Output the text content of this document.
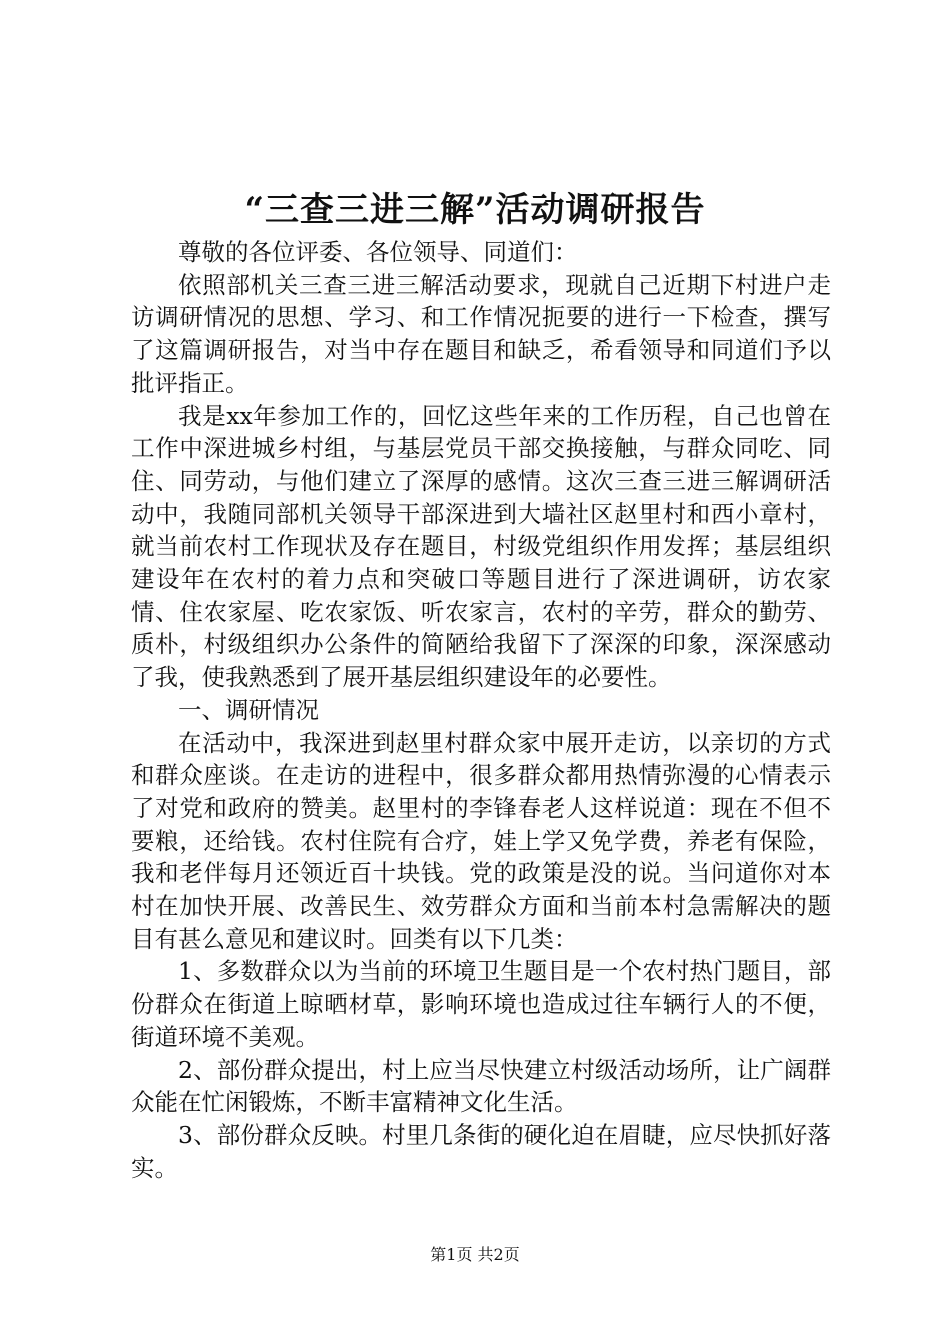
“三查三进三解”活动调研报告

尊敬的各位评委、各位领导、同道们：

依照部机关三查三进三解活动要求，现就自己近期下村进户走访调研情况的思想、学习、和工作情况扼要的进行一下检查，撰写了这篇调研报告，对当中存在题目和缺乏，希看领导和同道们予以批评指正。

我是xx年参加工作的，回忆这些年来的工作历程，自己也曾在工作中深进城乡村组，与基层党员干部交换接触，与群众同吃、同住、同劳动，与他们建立了深厚的感情。这次三查三进三解调研活动中，我随同部机关领导干部深进到大墙社区赵里村和西小章村，就当前农村工作现状及存在题目，村级党组织作用发挥；基层组织建设年在农村的着力点和突破口等题目进行了深进调研，访农家情、住农家屋、吃农家饭、听农家言，农村的辛劳，群众的勤劳、质朴，村级组织办公条件的简陋给我留下了深深的印象，深深感动了我，使我熟悉到了展开基层组织建设年的必要性。

一、调研情况

在活动中，我深进到赵里村群众家中展开走访，以亲切的方式和群众座谈。在走访的进程中，很多群众都用热情弥漫的心情表示了对党和政府的赞美。赵里村的李锋春老人这样说道：现在不但不要粮，还给钱。农村住院有合疗，娃上学又免学费，养老有保险，我和老伴每月还领近百十块钱。党的政策是没的说。当问道你对本村在加快开展、改善民生、效劳群众方面和当前本村急需解决的题目有甚么意见和建议时。回类有以下几类：

1、多数群众以为当前的环境卫生题目是一个农村热门题目，部份群众在街道上晾晒材草，影响环境也造成过往车辆行人的不便，街道环境不美观。

2、部份群众提出，村上应当尽快建立村级活动场所，让广阔群众能在忙闲锻炼，不断丰富精神文化生活。

3、部份群众反映。村里几条街的硬化迫在眉睫，应尽快抓好落实。

第1页 共2页
